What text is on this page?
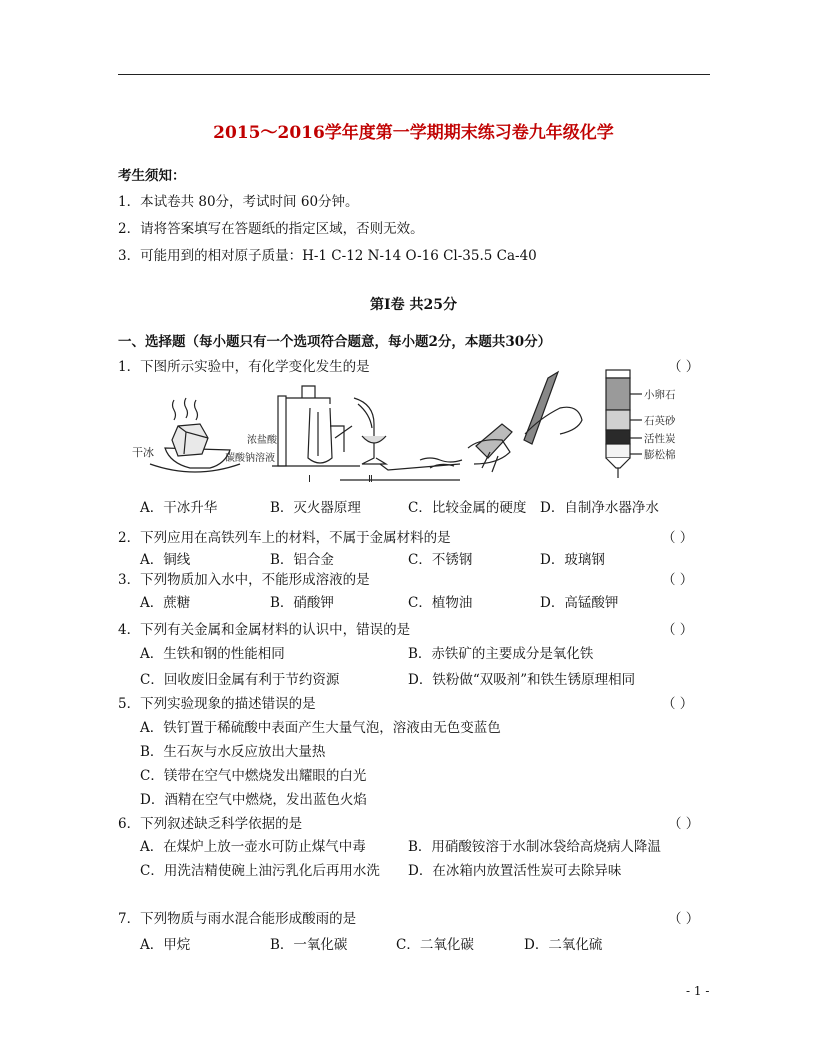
2015～2016学年度第一学期期末练习卷九年级化学
考生须知：
1．本试卷共 80分，考试时间 60分钟。
2．请将答案填写在答题纸的指定区域，否则无效。
3．可能用到的相对原子质量：H-1 C-12 N-14 O-16 Cl-35.5 Ca-40
第Ⅰ卷 共25分
一、选择题（每小题只有一个选项符合题意，每小题2分，本题共30分）
1．下图所示实验中，有化学变化发生的是	（ ）
干冰
浓盐酸
碳酸钠溶液
Ⅰ	Ⅱ
小卵石
石英砂
活性炭
膨松棉
A．干冰升华	B．灭火器原理	C．比较金属的硬度 D．自制净水器净水
2．下列应用在高铁列车上的材料，不属于金属材料的是	（ ）
A．铜线	B．铝合金	C．不锈钢	D．玻璃钢
3．下列物质加入水中，不能形成溶液的是	（ ）
A．蔗糖	B．硝酸钾	C．植物油	D．高锰酸钾
4．下列有关金属和金属材料的认识中，错误的是	（ ）
A．生铁和钢的性能相同	B．赤铁矿的主要成分是氧化铁
C．回收废旧金属有利于节约资源	D．铁粉做“双吸剂”和铁生锈原理相同
5．下列实验现象的描述错误的是	（ ）
A．铁钉置于稀硫酸中表面产生大量气泡，溶液由无色变蓝色
B．生石灰与水反应放出大量热
C．镁带在空气中燃烧发出耀眼的白光
D．酒精在空气中燃烧，发出蓝色火焰
6．下列叙述缺乏科学依据的是	（ ）
A．在煤炉上放一壶水可防止煤气中毒	B．用硝酸铵溶于水制冰袋给高烧病人降温
C．用洗洁精使碗上油污乳化后再用水洗 D．在冰箱内放置活性炭可去除异味
7．下列物质与雨水混合能形成酸雨的是	（ ）
A．甲烷	B．一氧化碳	C．二氧化碳	D．二氧化硫
- 1 -
